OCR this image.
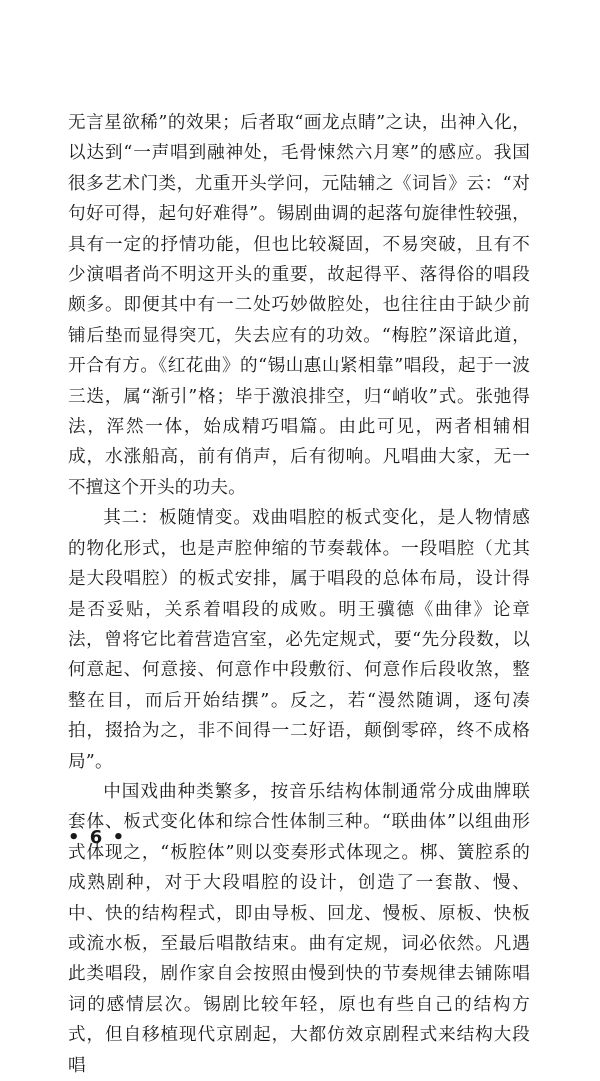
无言星欲稀”的效果；后者取“画龙点睛”之诀，出神入化，以达到“一声唱到融神处，毛骨悚然六月寒”的感应。我国很多艺术门类，尤重开头学问，元陆辅之《词旨》云：“对句好可得，起句好难得”。锡剧曲调的起落句旋律性较强，具有一定的抒情功能，但也比较凝固，不易突破，且有不少演唱者尚不明这开头的重要，故起得平、落得俗的唱段颇多。即便其中有一二处巧妙做腔处，也往往由于缺少前铺后垫而显得突兀，失去应有的功效。“梅腔”深谙此道，开合有方。《红花曲》的“锡山惠山紧相靠”唱段，起于一波三迭，属“渐引”格；毕于激浪排空，归“峭收”式。张弛得法，浑然一体，始成精巧唱篇。由此可见，两者相辅相成，水涨船高，前有俏声，后有彻响。凡唱曲大家，无一不擅这个开头的功夫。

其二：板随情变。戏曲唱腔的板式变化，是人物情感的物化形式，也是声腔伸缩的节奏载体。一段唱腔（尤其是大段唱腔）的板式安排，属于唱段的总体布局，设计得是否妥贴，关系着唱段的成败。明王骥德《曲律》论章法，曾将它比着营造宫室，必先定规式，要“先分段数，以何意起、何意接、何意作中段敷衍、何意作后段收煞，整整在目，而后开始结撰”。反之，若“漫然随调，逐句凑拍，掇拾为之，非不间得一二好语，颠倒零碎，终不成格局”。

中国戏曲种类繁多，按音乐结构体制通常分成曲牌联套体、板式变化体和综合性体制三种。“联曲体”以组曲形式体现之，“板腔体”则以变奏形式体现之。梆、簧腔系的成熟剧种，对于大段唱腔的设计，创造了一套散、慢、中、快的结构程式，即由导板、回龙、慢板、原板、快板或流水板，至最后唱散结束。曲有定规，词必依然。凡遇此类唱段，剧作家自会按照由慢到快的节奏规律去铺陈唱词的感情层次。锡剧比较年轻，原也有些自己的结构方式，但自移植现代京剧起，大都仿效京剧程式来结构大段唱

• 6 •
